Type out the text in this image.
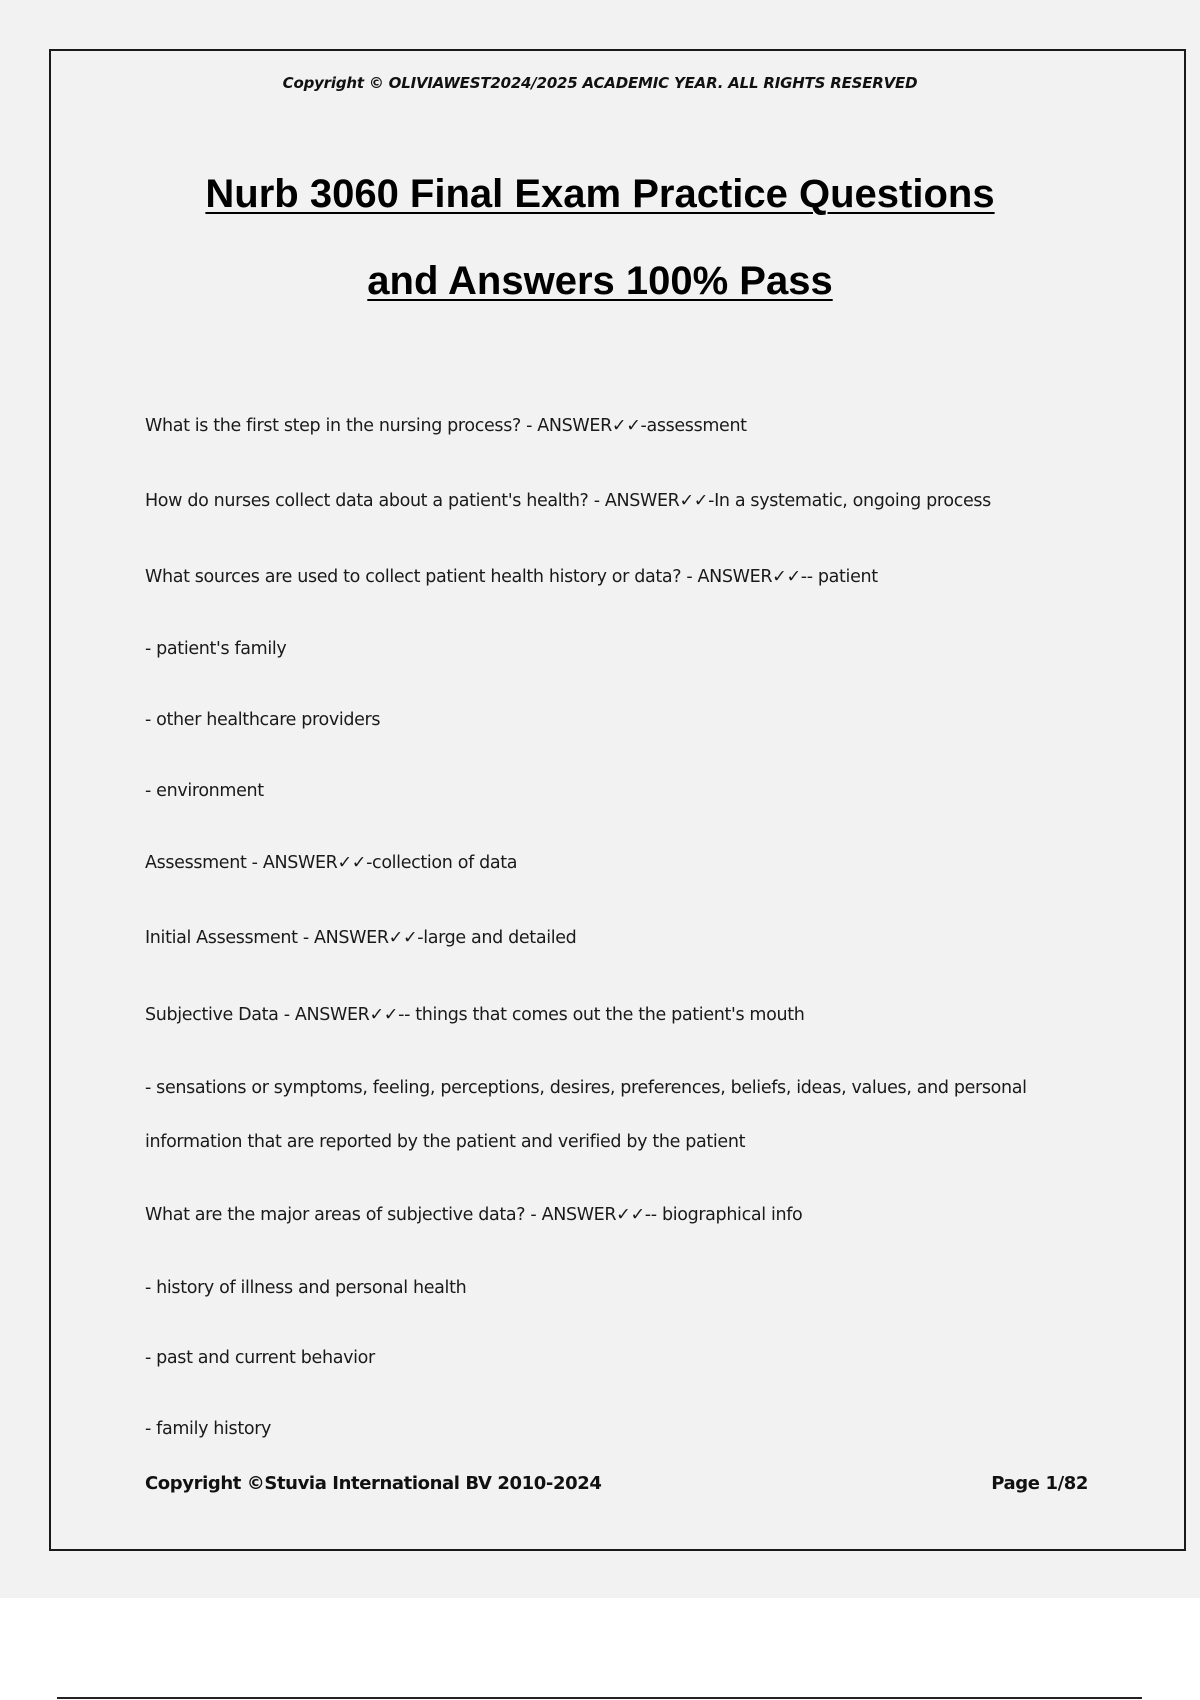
Copyright © OLIVIAWEST2024/2025 ACADEMIC YEAR. ALL RIGHTS RESERVED
Nurb 3060 Final Exam Practice Questions
and Answers 100% Pass
What is the first step in the nursing process? - ANSWER✓✓-assessment
How do nurses collect data about a patient's health? - ANSWER✓✓-In a systematic, ongoing process
What sources are used to collect patient health history or data? - ANSWER✓✓-- patient
- patient's family
- other healthcare providers
- environment
Assessment - ANSWER✓✓-collection of data
Initial Assessment - ANSWER✓✓-large and detailed
Subjective Data - ANSWER✓✓-- things that comes out the the patient's mouth
- sensations or symptoms, feeling, perceptions, desires, preferences, beliefs, ideas, values, and personal
information that are reported by the patient and verified by the patient
What are the major areas of subjective data? - ANSWER✓✓-- biographical info
- history of illness and personal health
- past and current behavior
- family history
Copyright ©Stuvia International BV 2010-2024	Page 1/82
